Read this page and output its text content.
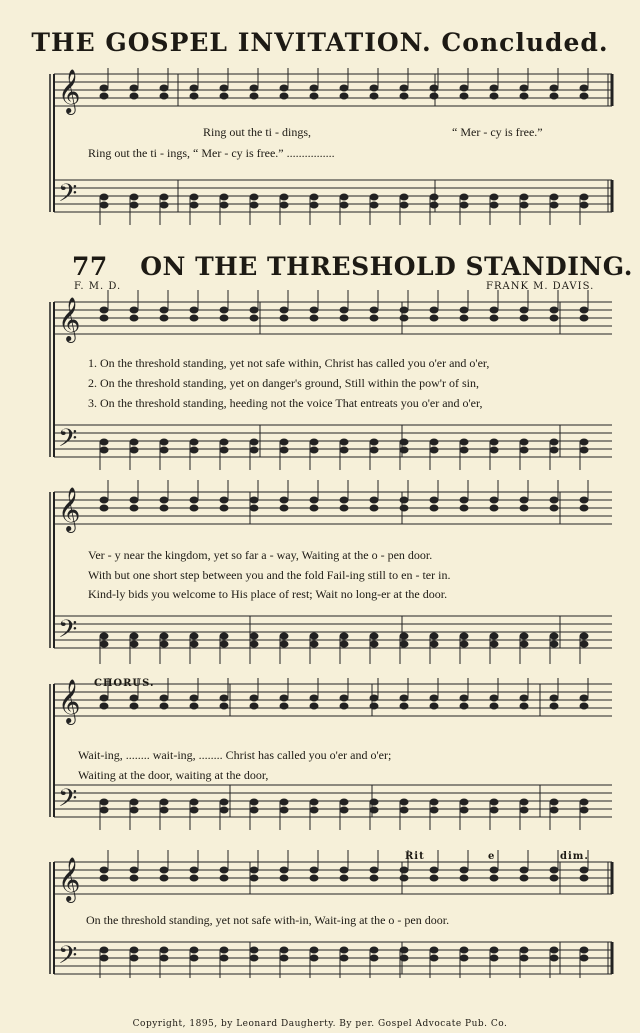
THE GOSPEL INVITATION. Concluded.
77 ON THE THRESHOLD STANDING.
F. M. D.	FRANK M. DAVIS.
𝄞
𝄢
𝄞
𝄢
𝄞
𝄢
𝄞
𝄢
𝄞
𝄢
Ring out the ti - dings,	“ Mer - cy is free.”
Ring out the ti - ings, “ Mer - cy is free.” ................
1. On the threshold standing, yet not safe within, Christ has called you o'er and o'er,
2. On the threshold standing, yet on danger's ground, Still within the pow'r of sin,
3. On the threshold standing, heeding not the voice That entreats you o'er and o'er,
Ver - y near the kingdom, yet so far a - way, Waiting at the o - pen door.
With but one short step between you and the fold Fail-ing still to en - ter in.
Kind-ly bids you welcome to His place of rest; Wait no long-er at the door.
CHORUS.
Wait-ing, ........ wait-ing, ........ Christ has called you o'er and o'er;
Waiting at the door, waiting at the door,
Rit	e	dim.
On the threshold standing, yet not safe with-in, Wait-ing at the o - pen door.
Copyright, 1895, by Leonard Daugherty. By per. Gospel Advocate Pub. Co.
